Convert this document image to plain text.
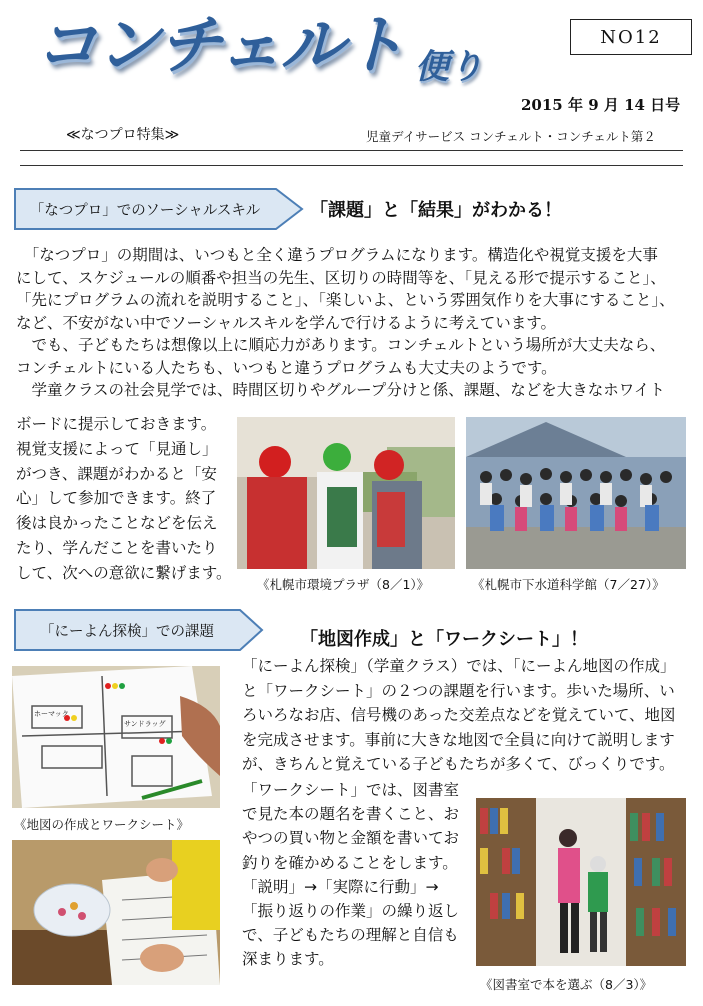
コンチェルト 便り
NO12
2015 年 9 月 14 日号
≪なつプロ特集≫	児童デイサービス コンチェルト・コンチェルト第２
「なつプロ」でのソーシャルスキル	「課題」と「結果」がわかる！

　「なつプロ」の期間は、いつもと全く違うプログラムになります。構造化や視覚支援を大事

にして、スケジュールの順番や担当の先生、区切りの時間等を、「見える形で提示すること」、

「先にプログラムの流れを説明すること」、「楽しいよ、という雰囲気作りを大事にすること」、

など、不安がない中でソーシャルスキルを学んで行けるように考えています。

　でも、子どもたちは想像以上に順応力があります。コンチェルトという場所が大丈夫なら、

コンチェルトにいる人たちも、いつもと違うプログラムも大丈夫のようです。

　学童クラスの社会見学では、時間区切りやグループ分けと係、課題、などを大きなホワイト

ボードに提示しておきます。
視覚支援によって「見通し」
がつき、課題がわかると「安
心」して参加できます。終了
後は良かったことなどを伝え
たり、学んだことを書いたり
して、次への意欲に繋げます。
《札幌市環境プラザ（8／1）》	《札幌市下水道科学館（7／27）》
「にーよん探検」での課題	「地図作成」と「ワークシート」！
ホーマック
サンドラッグ
《地図の作成とワークシート》

「にーよん探検」（学童クラス）では、「にーよん地図の作成」

と「ワークシート」の２つの課題を行います。歩いた場所、い

ろいろなお店、信号機のあった交差点などを覚えていて、地図

を完成させます。事前に大きな地図で全員に向けて説明します

が、きちんと覚えている子どもたちが多くて、びっくりです。

「ワークシート」では、図書室
で見た本の題名を書くこと、お
やつの買い物と金額を書いてお
釣りを確かめることをします。
「説明」→「実際に行動」→
「振り返りの作業」の繰り返し
で、子どもたちの理解と自信も
深まります。
《図書室で本を選ぶ（8／3）》
